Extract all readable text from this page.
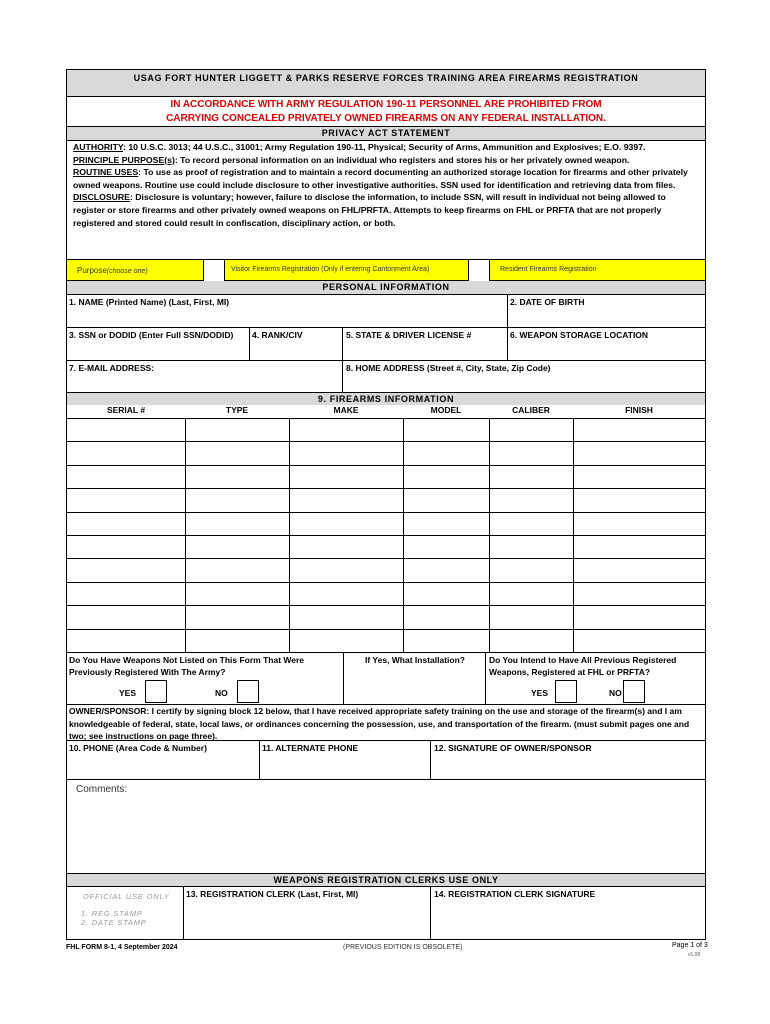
USAG FORT HUNTER LIGGETT & PARKS RESERVE FORCES TRAINING AREA FIREARMS REGISTRATION
IN ACCORDANCE WITH ARMY REGULATION 190-11 PERSONNEL ARE PROHIBITED FROM
CARRYING CONCEALED PRIVATELY OWNED FIREARMS ON ANY FEDERAL INSTALLATION.
PRIVACY ACT STATEMENT

AUTHORITY: 10 U.S.C. 3013; 44 U.S.C., 31001; Army Regulation 190-11, Physical; Security of Arms, Ammunition and Explosives; E.O. 9397.

PRINCIPLE PURPOSE(s): To record personal information on an individual who registers and stores his or her privately owned weapon.

ROUTINE USES: To use as proof of registration and to maintain a record documenting an authorized storage location for firearms and other privately owned weapons. Routine use could include disclosure to other investigative authorities. SSN used for identification and retrieving data from files.

DISCLOSURE: Disclosure is voluntary; however, failure to disclose the information, to include SSN, will result in individual not being allowed to register or store firearms and other privately owned weapons on FHL/PRFTA. Attempts to keep firearms on FHL or PRFTA that are not properly registered and stored could result in confiscation, disciplinary action, or both.

Purpose(choose one)	Visitor Firearms Registration (Only if entering Cantonment Area)	Resident Firearms Registration
PERSONAL INFORMATION
1. NAME (Printed Name) (Last, First, MI)	2. DATE OF BIRTH
3. SSN or DODID (Enter Full SSN/DODID) 4. RANK/CIV	5. STATE & DRIVER LICENSE #	6. WEAPON STORAGE LOCATION
7. E-MAIL ADDRESS:	8. HOME ADDRESS (Street #, City, State, Zip Code)
9. FIREARMS INFORMATION
SERIAL #	TYPE	MAKE	MODEL	CALIBER	FINISH
Do You Have Weapons Not Listed on This Form That Were Previously Registered With The Army?
If Yes, What Installation?	Do You Intend to Have All Previous Registered Weapons, Registered at FHL or PRFTA?
YES	NO	YES	NO
OWNER/SPONSOR: I certify by signing block 12 below, that I have received appropriate safety training on the use and storage of the firearm(s) and I am knowledgeable of federal, state, local laws, or ordinances concerning the possession, use, and transportation of the firearm. (must submit pages one and two; see instructions on page three).
10. PHONE (Area Code & Number)	11. ALTERNATE PHONE	12. SIGNATURE OF OWNER/SPONSOR
Comments:
WEAPONS REGISTRATION CLERKS USE ONLY
OFFICIAL USE ONLY
1. REG STAMP
2. DATE STAMP
13. REGISTRATION CLERK (Last, First, MI)	14. REGISTRATION CLERK SIGNATURE
FHL FORM 8-1, 4 September 2024	(PREVIOUS EDITION IS OBSOLETE)	Page 1 of 3
v1.00
